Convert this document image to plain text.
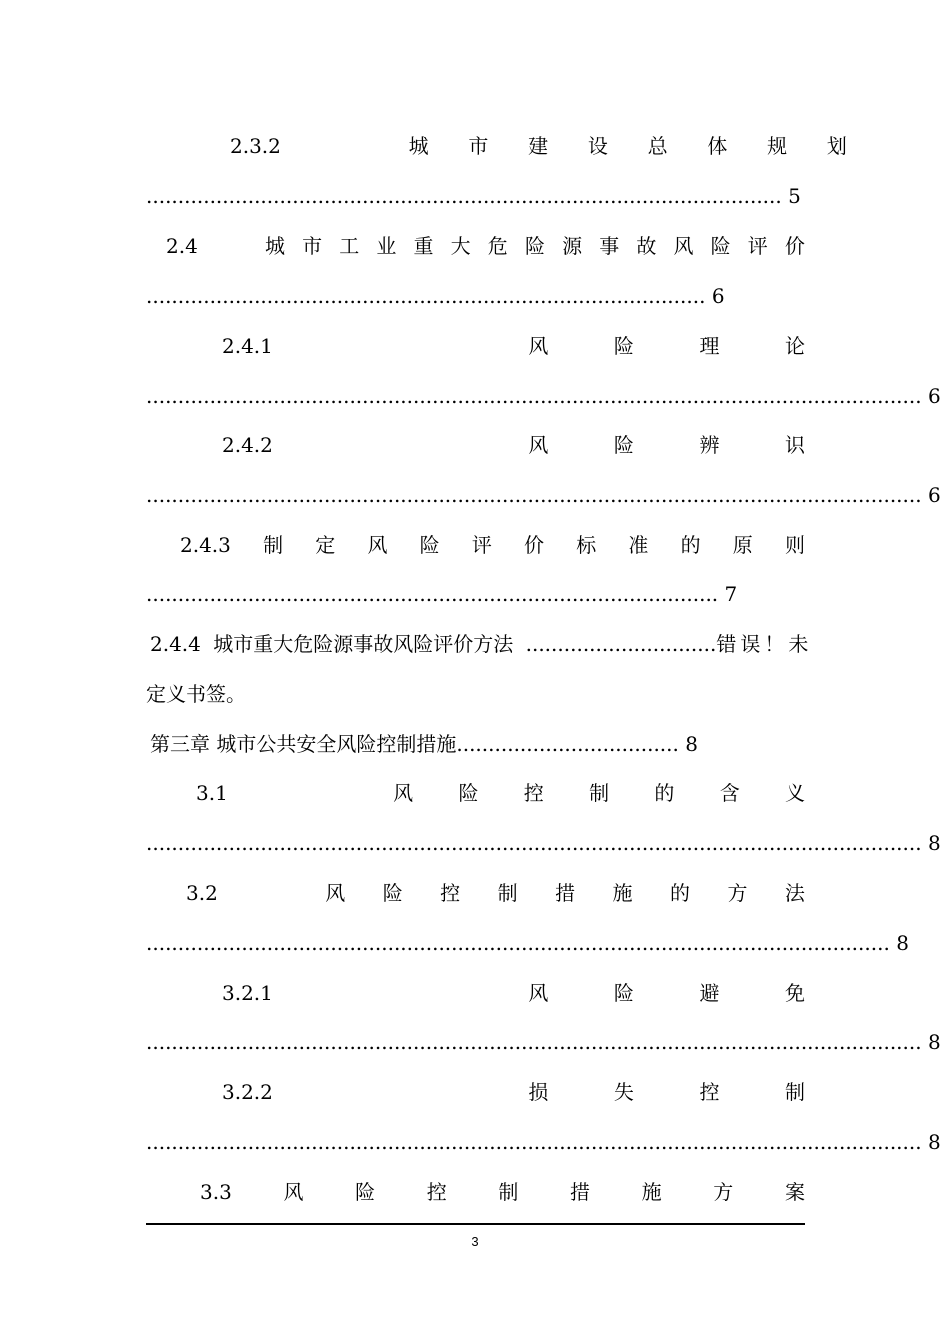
2.3.2	城 市 建 设 总 体 规 划
.................................................................................................... 5
2.4	城 市 工 业 重 大 危 险 源 事 故 风 险 评 价
........................................................................................ 6
2.4.1	风	险	理	论
.......................................................................................................................... 6
2.4.2	风	险	辨	识
.......................................................................................................................... 6
2.4.3 制 定 风 险 评 价 标 准 的 原 则
.......................................................................................... 7
2.4.4 城市重大危险源事故风险评价方法 .............................. 错误！未
定义书签。
第三章 城市公共安全风险控制措施................................... 8
3.1	风 险 控 制 的 含 义
.......................................................................................................................... 8
3.2	风 险 控 制 措 施 的 方 法
..................................................................................................................... 8
3.2.1	风	险	避	免
.......................................................................................................................... 8
3.2.2	损	失	控	制
.......................................................................................................................... 8
3.3	风	险	控	制	措	施	方	案
3
